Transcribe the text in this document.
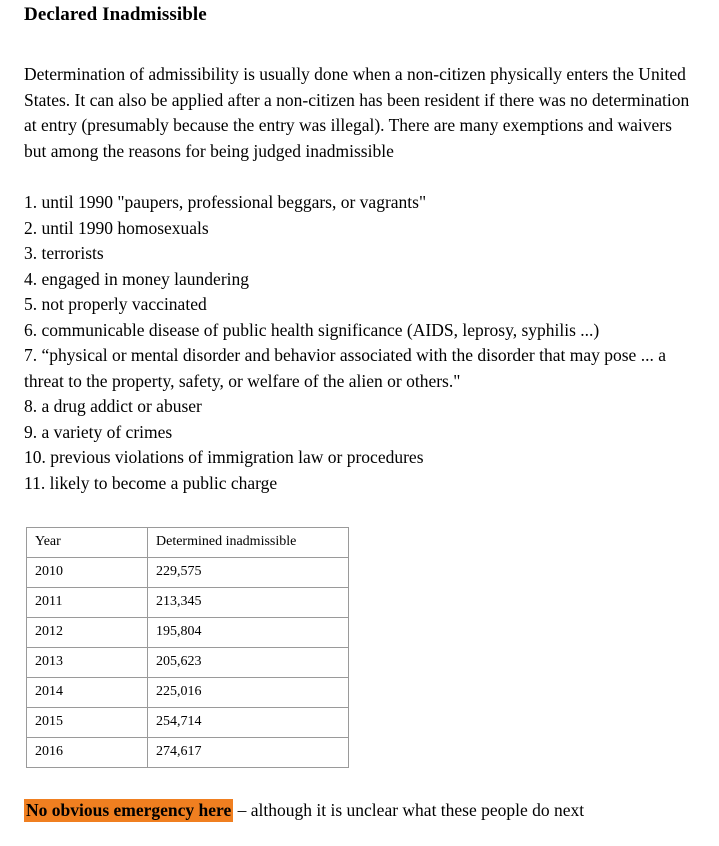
Declared Inadmissible

Determination of admissibility is usually done when a non-citizen physically enters the United States. It can also be applied after a non-citizen has been resident if there was no determination at entry (presumably because the entry was illegal). There are many exemptions and waivers but among the reasons for being judged inadmissible

1. until 1990 "paupers, professional beggars, or vagrants"
2. until 1990 homosexuals
3. terrorists
4. engaged in money laundering
5. not properly vaccinated
6. communicable disease of public health significance (AIDS, leprosy, syphilis ...)
7. “physical or mental disorder and behavior associated with the disorder that may pose ... a threat to the property, safety, or welfare of the alien or others."
8. a drug addict or abuser
9. a variety of crimes
10. previous violations of immigration law or procedures
11. likely to become a public charge
Year	Determined inadmissible
2010	229,575
2011	213,345
2012	195,804
2013	205,623
2014	225,016
2015	254,714
2016	274,617
No obvious emergency here – although it is unclear what these people do next
